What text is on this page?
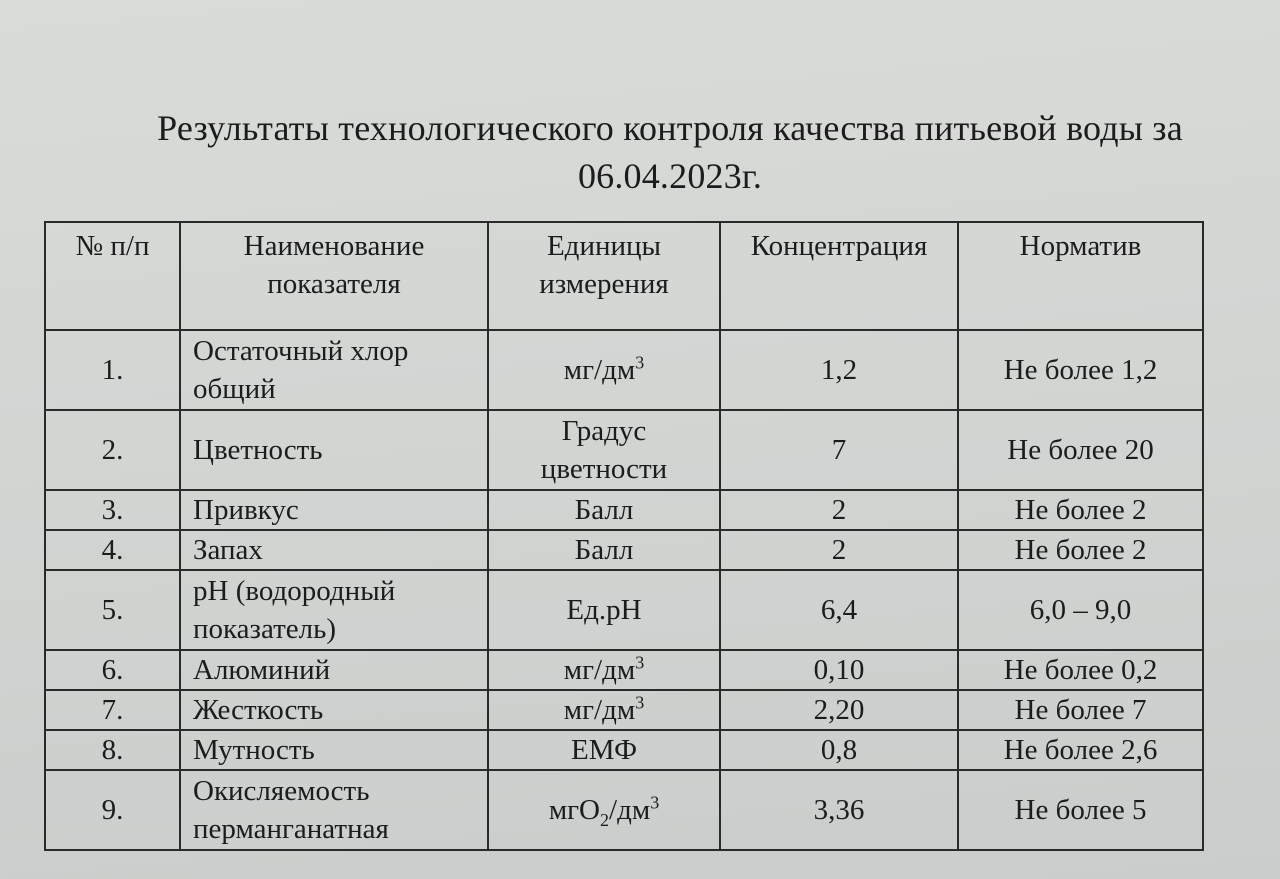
Результаты технологического контроля качества питьевой воды за
06.04.2023г.
№ п/п	Наименование показателя	Единицы измерения	Концентрация	Норматив
1.	Остаточный хлор общий	$мг/дм^3$	1,2	Не более 1,2
2.	Цветность	Градус цветности	7	Не более 20
3.	Привкус	Балл	2	Не более 2
4.	Запах	Балл	2	Не более 2
5.	pH (водородный показатель)	Ед.рН	6,4	6,0 – 9,0
6.	Алюминий	$мг/дм^3$	0,10	Не более 0,2
7.	Жесткость	$мг/дм^3$	2,20	Не более 7
8.	Мутность	ЕМФ	0,8	Не более 2,6
9.	Окисляемость перманганатная	$мгО_2/дм^3$	3,36	Не более 5
